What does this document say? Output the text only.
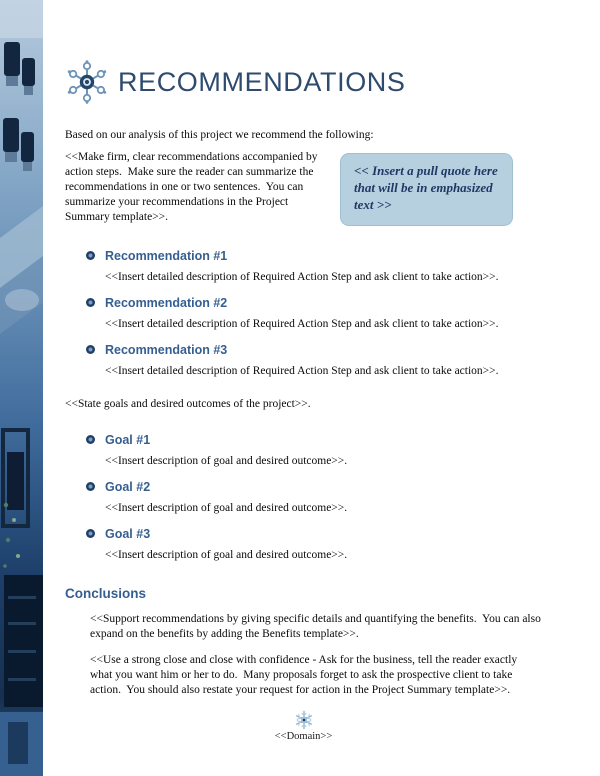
RECOMMENDATIONS

Based on our analysis of this project we recommend the following:

<<Make firm, clear recommendations accompanied by action steps.  Make sure the reader can summarize the recommendations in one or two sentences.  You can summarize your recommendations in the Project Summary template>>.

<< Insert a pull quote here that will be in emphasized text >>
Recommendation #1

<<Insert detailed description of Required Action Step and ask client to take action>>.

Recommendation #2

<<Insert detailed description of Required Action Step and ask client to take action>>.

Recommendation #3

<<Insert detailed description of Required Action Step and ask client to take action>>.

<<State goals and desired outcomes of the project>>.

Goal #1

<<Insert description of goal and desired outcome>>.

Goal #2

<<Insert description of goal and desired outcome>>.

Goal #3

<<Insert description of goal and desired outcome>>.

Conclusions

<<Support recommendations by giving specific details and quantifying the benefits.  You can also expand on the benefits by adding the Benefits template>>.

<<Use a strong close and close with confidence - Ask for the business, tell the reader exactly what you want him or her to do.  Many proposals forget to ask the prospective client to take action.  You should also restate your request for action in the Project Summary template>>.

<<Domain>>
